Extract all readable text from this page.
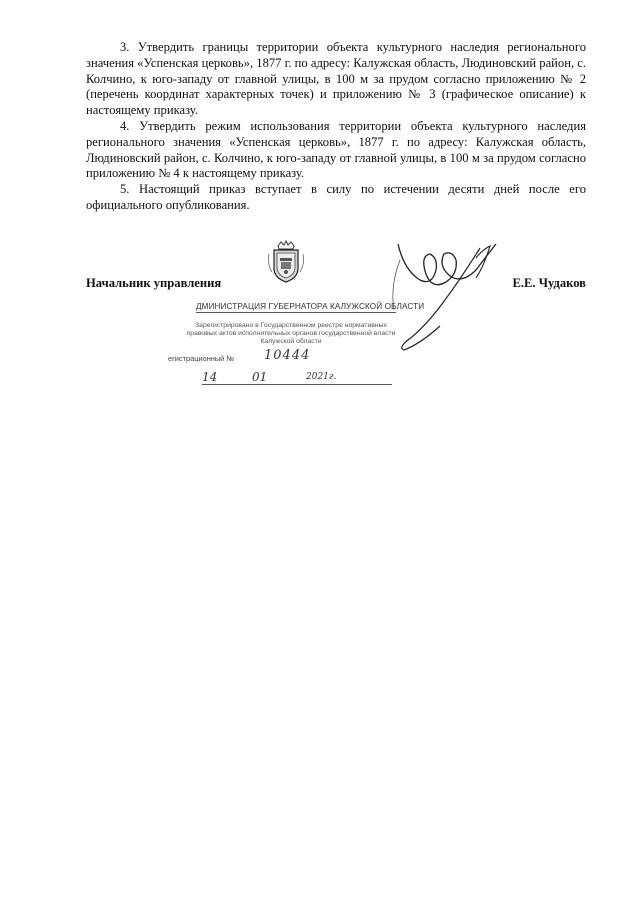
3. Утвердить границы территории объекта культурного наследия регионального значения «Успенская церковь», 1877 г. по адресу: Калужская область, Людиновский район, с. Колчино, к юго-западу от главной улицы, в 100 м за прудом согласно приложению № 2 (перечень координат характерных точек) и приложению № 3 (графическое описание) к настоящему приказу.

4. Утвердить режим использования территории объекта культурного наследия регионального значения «Успенская церковь», 1877 г. по адресу: Калужская область, Людиновский район, с. Колчино, к юго-западу от главной улицы, в 100 м за прудом согласно приложению № 4 к настоящему приказу.

5. Настоящий приказ вступает в силу по истечении десяти дней после его официального опубликования.

Начальник управления	Е.Е. Чудаков
ДМИНИСТРАЦИЯ ГУБЕРНАТОРА КАЛУЖСКОЙ ОБЛАСТИ
Зарегистрировано в Государственном реестре нормативных правовых актов исполнительных органов государственной власти Калужской области
егистрационный № 10444
14	01	2021г.
